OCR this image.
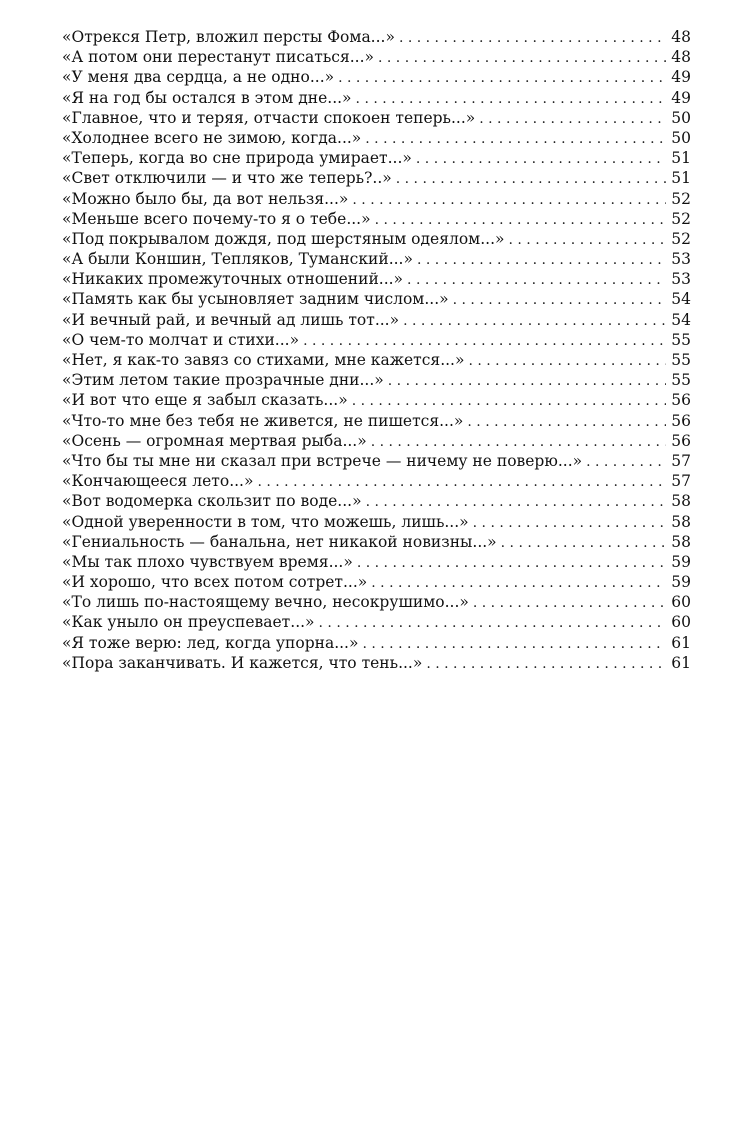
«Отрекся Петр, вложил персты Фома...» . . .	48
«А потом они перестанут писаться...» . . .	48
«У меня два сердца, а не одно...» . . .	49
«Я на год бы остался в этом дне...» . . .	49
«Главное, что и теряя, отчасти спокоен теперь...» . . .	50
«Холоднее всего не зимою, когда...» . . .	50
«Теперь, когда во сне природа умирает...» . . .	51
«Свет отключили — и что же теперь?..» . . .	51
«Можно было бы, да вот нельзя...» . . .	52
«Меньше всего почему-то я о тебе...» . . .	52
«Под покрывалом дождя, под шерстяным одеялом...» . . .	52
«А были Коншин, Тепляков, Туманский...» . . .	53
«Никаких промежуточных отношений...» . . .	53
«Память как бы усыновляет задним числом...» . . .	54
«И вечный рай, и вечный ад лишь тот...» . . .	54
«О чем-то молчат и стихи...» . . .	55
«Нет, я как-то завяз со стихами, мне кажется...» . . .	55
«Этим летом такие прозрачные дни...» . . .	55
«И вот что еще я забыл сказать...» . . .	56
«Что-то мне без тебя не живется, не пишется...» . . .	56
«Осень — огромная мертвая рыба...» . . .	56
«Что бы ты мне ни сказал при встрече — ничему не поверю...» . . .	57
«Кончающееся лето...» . . .	57
«Вот водомерка скользит по воде...» . . .	58
«Одной уверенности в том, что можешь, лишь...» . . .	58
«Гениальность — банальна, нет никакой новизны...» . . .	58
«Мы так плохо чувствуем время...» . . .	59
«И хорошо, что всех потом сотрет...» . . .	59
«То лишь по-настоящему вечно, несокрушимо...» . . .	60
«Как уныло он преуспевает...» . . .	60
«Я тоже верю: лед, когда упорна...» . . .	61
«Пора заканчивать. И кажется, что тень...» . . .	61
